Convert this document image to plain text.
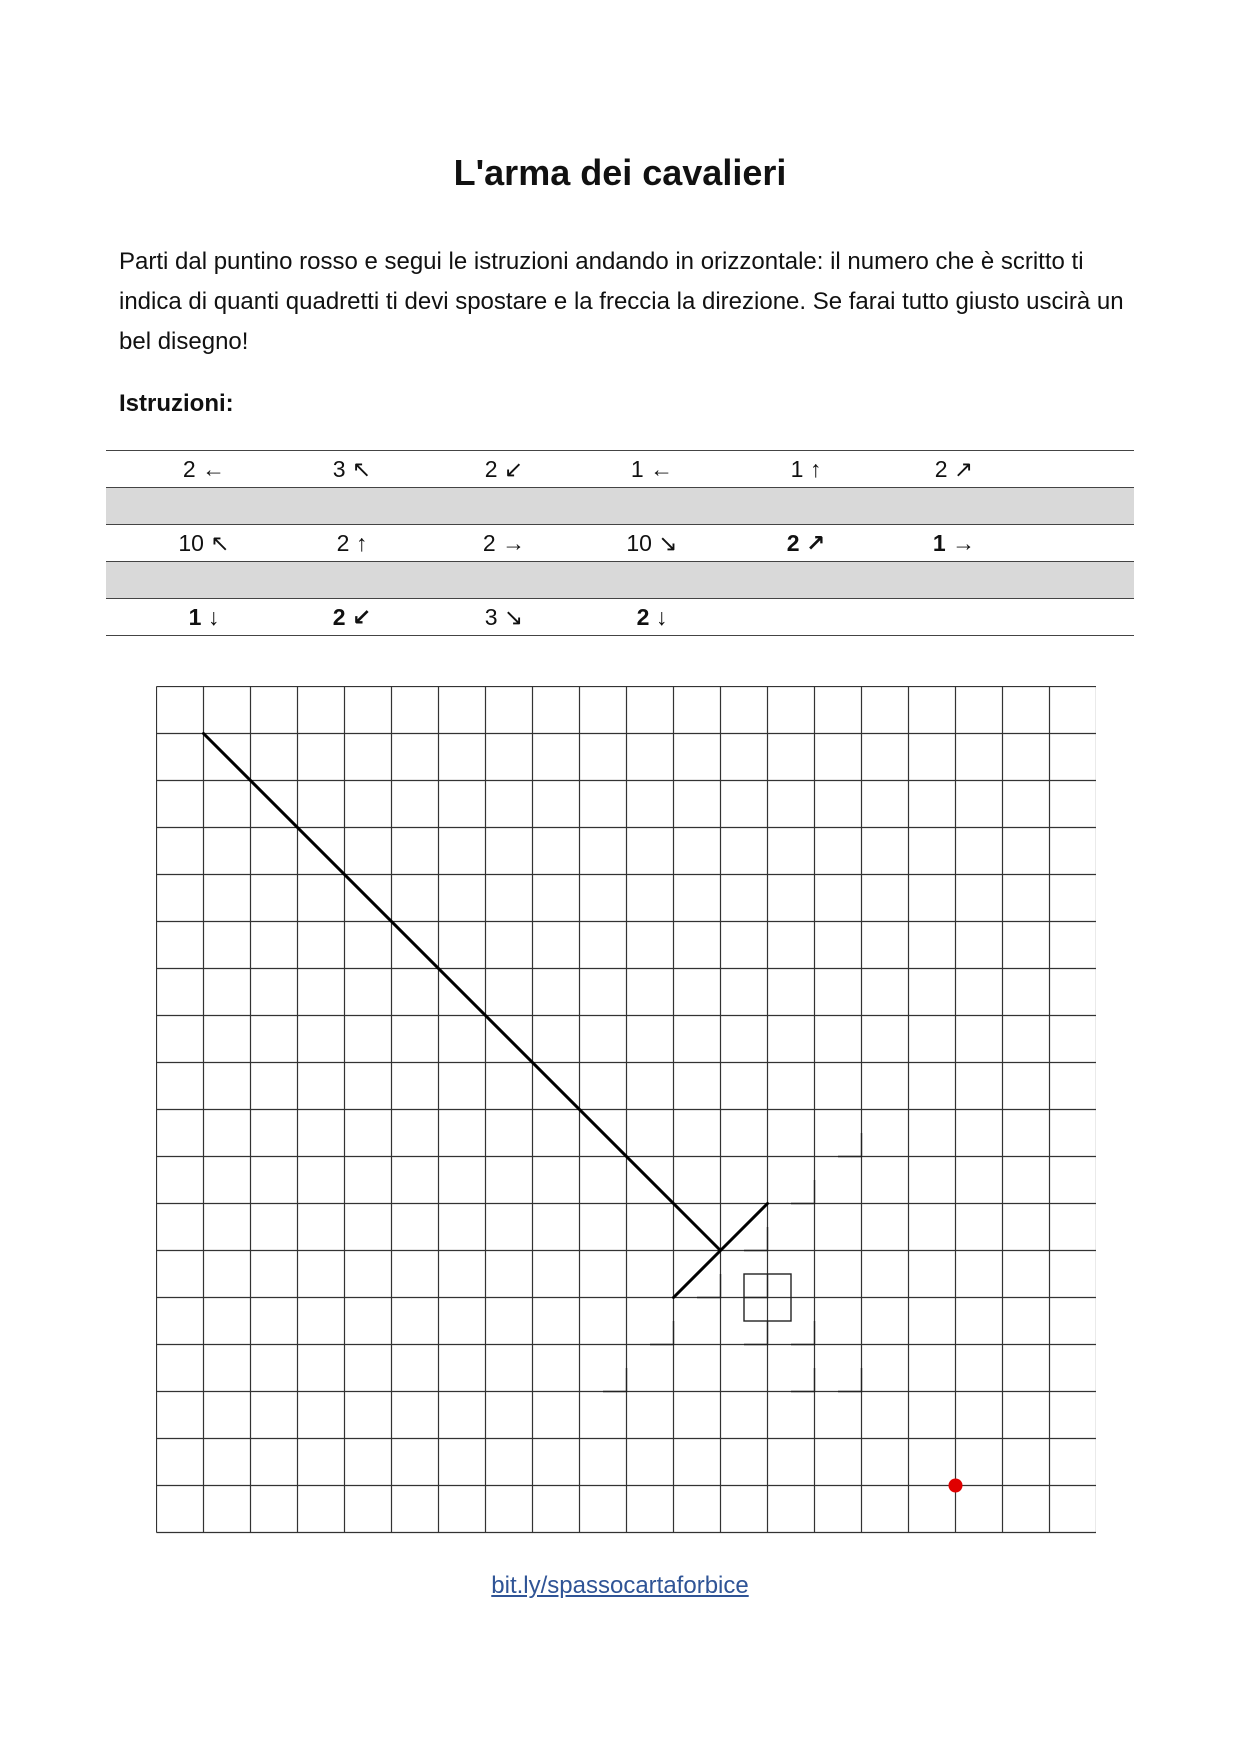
L'arma dei cavalieri
Parti dal puntino rosso e segui le istruzioni andando in orizzontale: il numero che è scritto ti indica di quanti quadretti ti devi spostare e la freccia la direzione. Se farai tutto giusto uscirà un bel disegno!
Istruzioni:
2 ←	3 ↖	2 ↙	1 ←	1 ↑	2 ↗
10 ↖	2 ↑	2 →	10 ↘	2 ↗	1 →
1 ↓	2 ↙	3 ↘	2 ↓
bit.ly/spassocartaforbice
